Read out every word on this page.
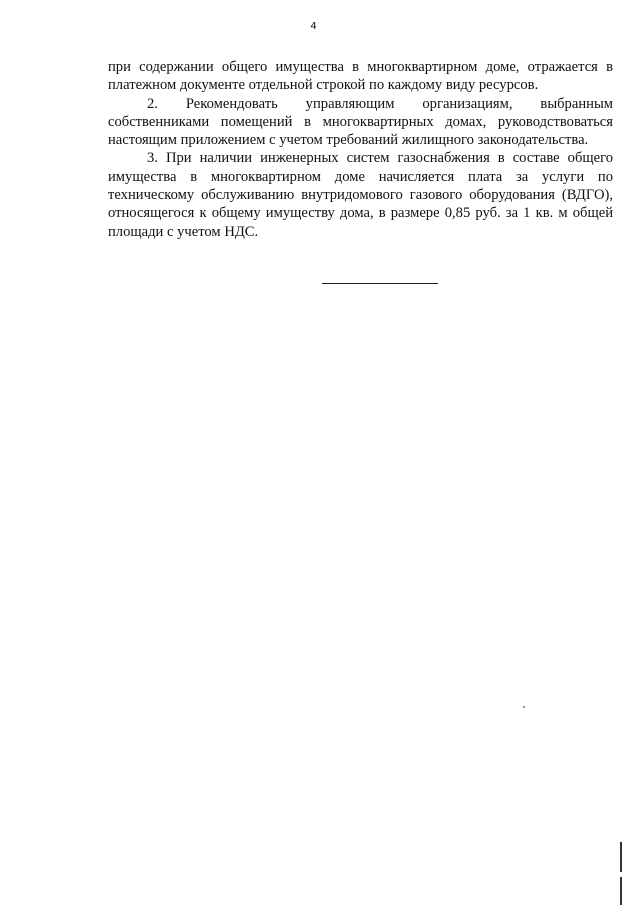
4

при содержании общего имущества в многоквартирном доме, отражается в платежном документе отдельной строкой по каждому виду ресурсов.

2. Рекомендовать управляющим организациям, выбранным собственниками помещений в многоквартирных домах, руководствоваться настоящим приложением с учетом требований жилищного законодательства.

3. При наличии инженерных систем газоснабжения в составе общего имущества в многоквартирном доме начисляется плата за услуги по техническому обслуживанию внутридомового газового оборудования (ВДГО), относящегося к общему имуществу дома, в размере 0,85 руб. за 1 кв. м общей площади с учетом НДС.
